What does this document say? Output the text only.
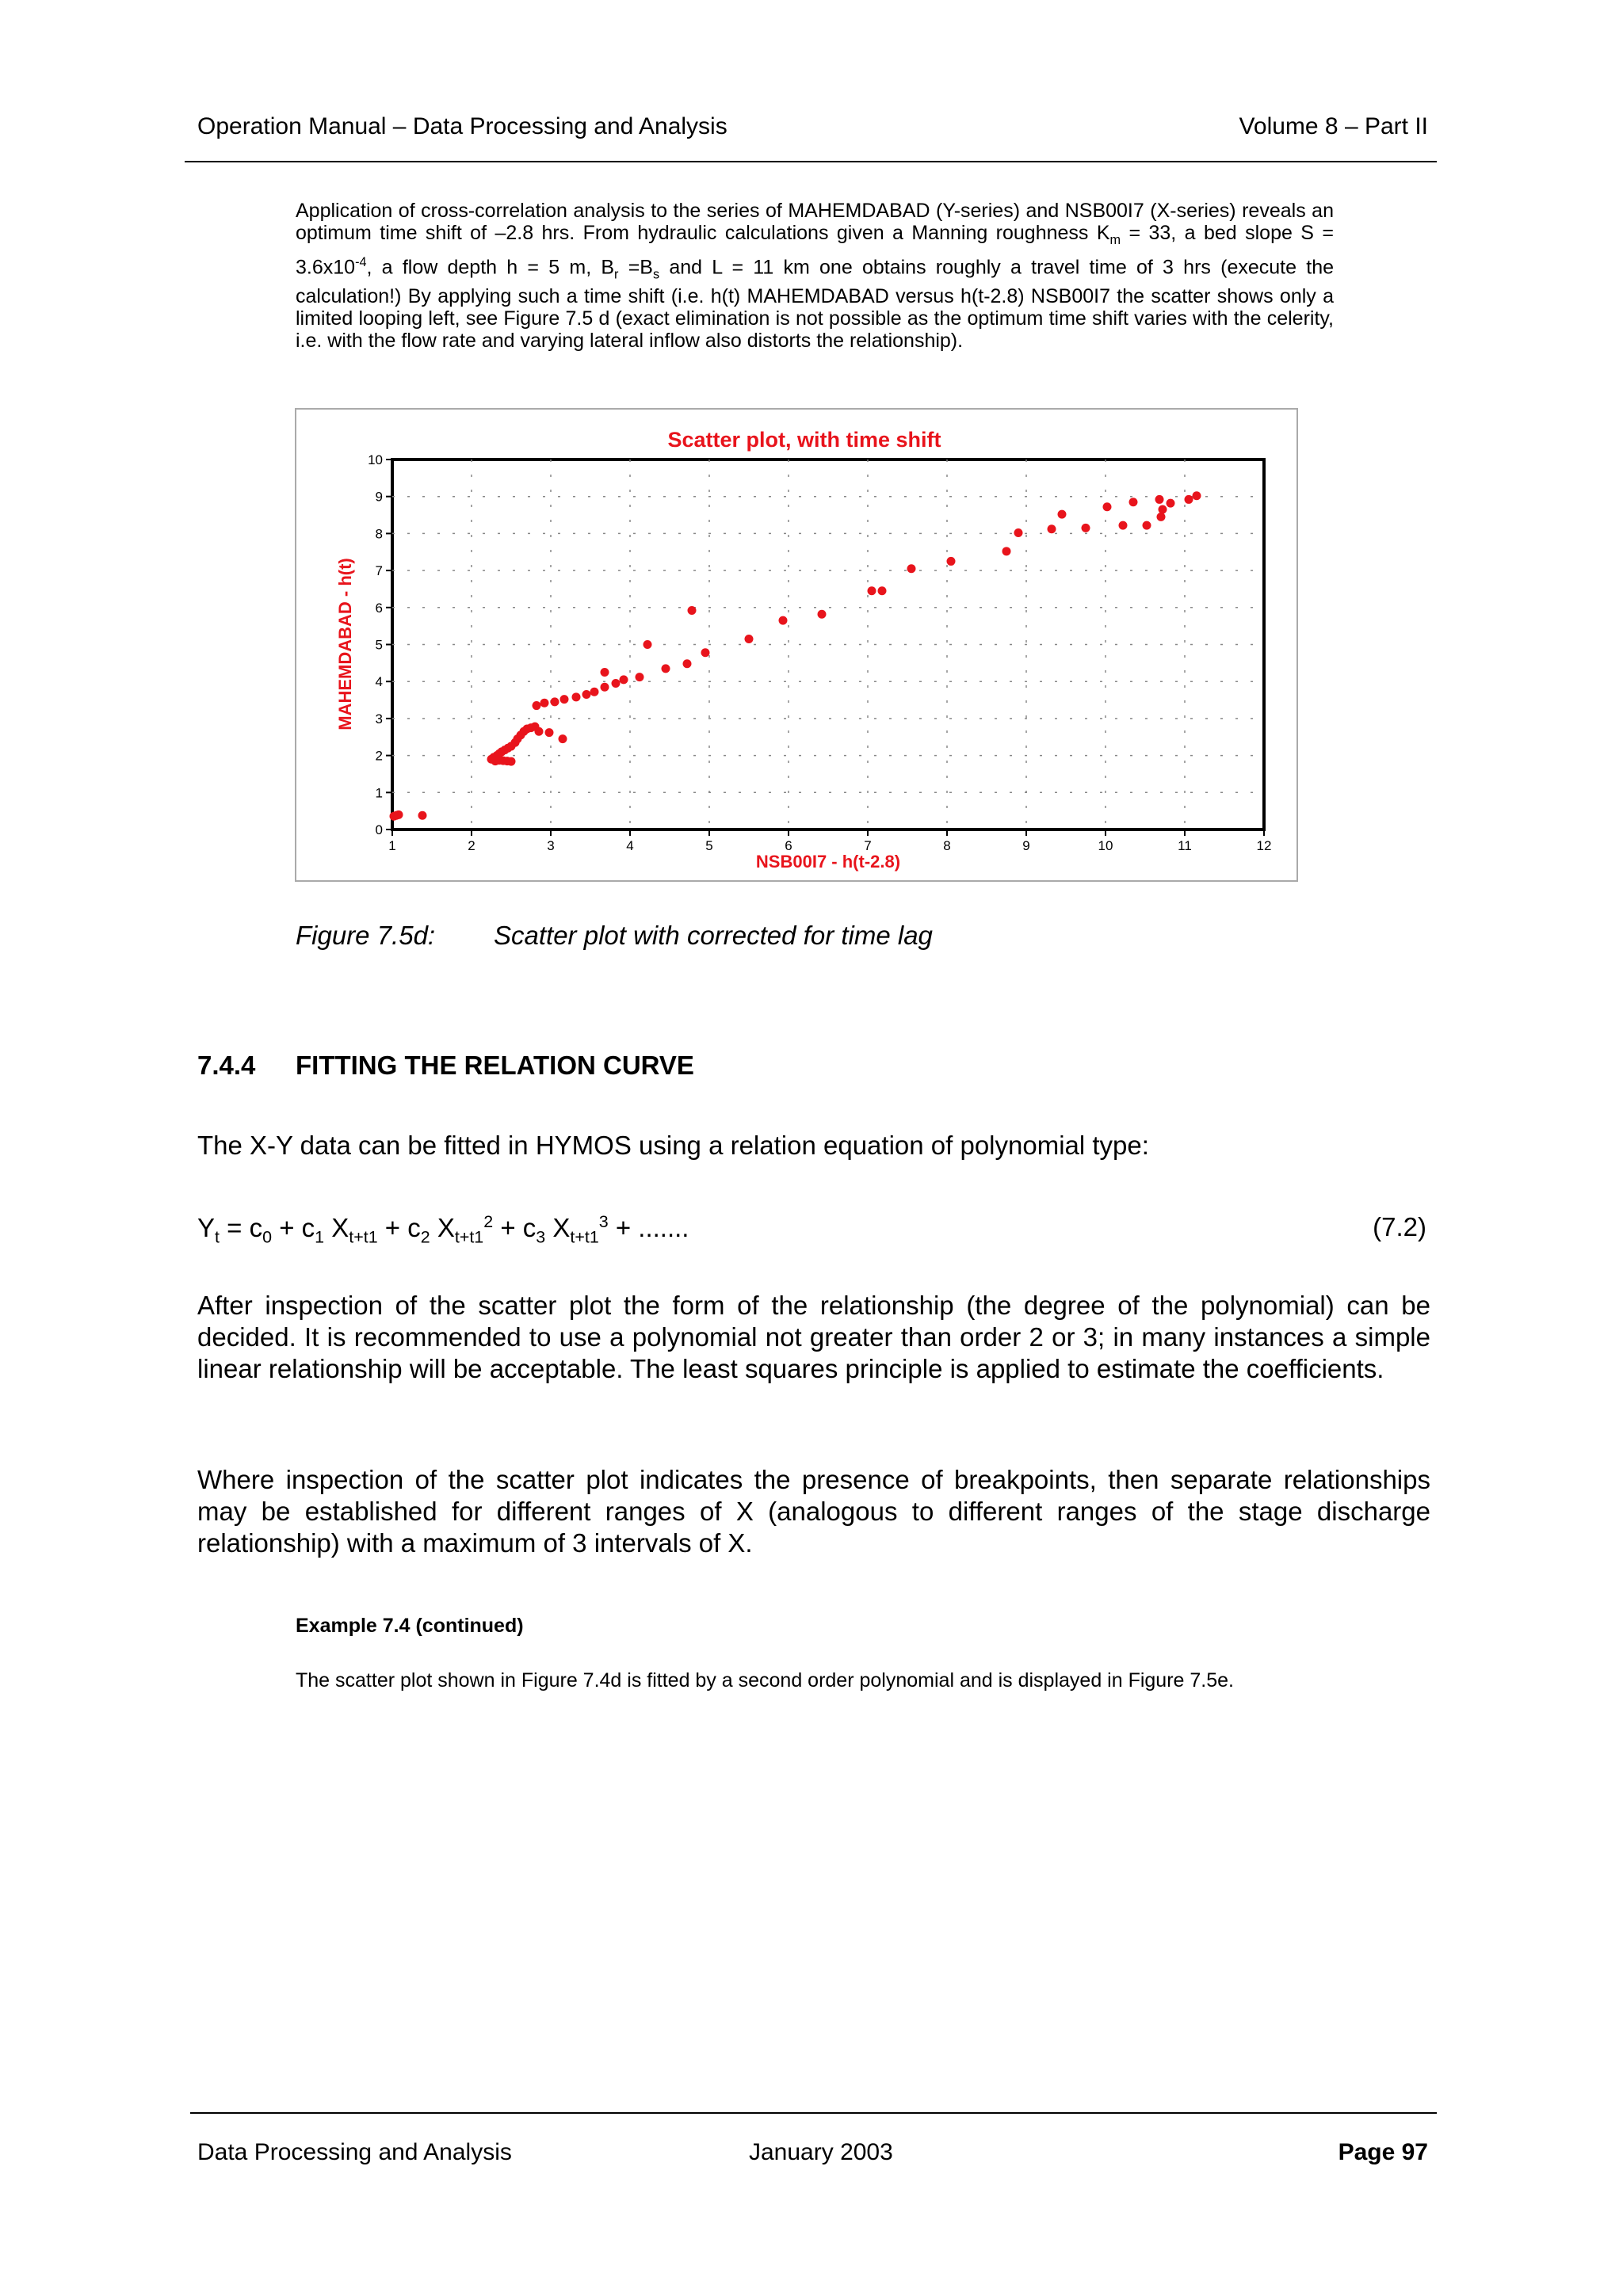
Operation Manual – Data Processing and Analysis	Volume 8 – Part II
Application of cross-correlation analysis to the series of MAHEMDABAD (Y-series) and NSB00I7 (X-series) reveals an optimum time shift of –2.8 hrs. From hydraulic calculations given a Manning roughness $K_m = 33$, a bed slope $S = 3.6x10^{-4}$, a flow depth h = 5 m, $B_r =B_s$ and L = 11 km one obtains roughly a travel time of 3 hrs (execute the calculation!) By applying such a time shift (i.e. h(t) MAHEMDABAD versus h(t-2.8) NSB00I7 the scatter shows only a limited looping left, see Figure 7.5 d (exact elimination is not possible as the optimum time shift varies with the celerity, i.e. with the flow rate and varying lateral inflow also distorts the relationship).
1	2	3	4	5	6	7	8	9	10	11	12
0
1
2
3
4
5
6
7
8
9
10
Scatter plot, with time shift
NSB00I7 - h(t-2.8)
MAHEMDABAD - h(t)
Figure 7.5d: Scatter plot with corrected for time lag
7.4.4 FITTING THE RELATION CURVE
The X-Y data can be fitted in HYMOS using a relation equation of polynomial type:
$Y_t = c_0 + c_1$ $X_{t+t1} + c_2$ $X_{t+t1}^2 + c_3$ $X_{t+t1}^3$ + .......	(7.2)
After inspection of the scatter plot the form of the relationship (the degree of the polynomial) can be decided. It is recommended to use a polynomial not greater than order 2 or 3; in many instances a simple linear relationship will be acceptable. The least squares principle is applied to estimate the coefficients.
Where inspection of the scatter plot indicates the presence of breakpoints, then separate relationships may be established for different ranges of X (analogous to different ranges of the stage discharge relationship) with a maximum of 3 intervals of X.
Example 7.4 (continued)
The scatter plot shown in Figure 7.4d is fitted by a second order polynomial and is displayed in Figure 7.5e.
Data Processing and Analysis	January 2003	Page 97
